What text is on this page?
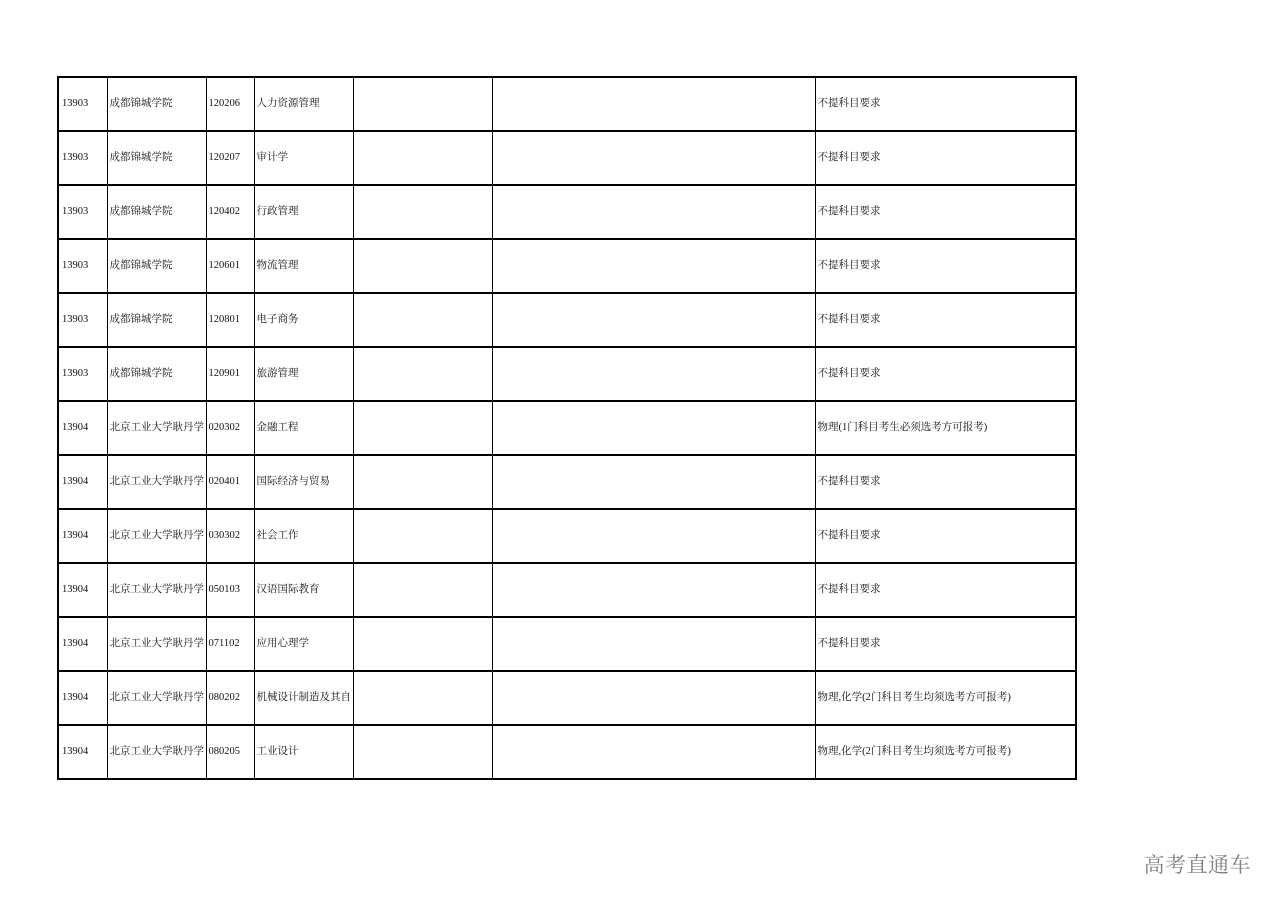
13903	成都锦城学院	120206	人力资源管理			不提科目要求
13903	成都锦城学院	120207	审计学			不提科目要求
13903	成都锦城学院	120402	行政管理			不提科目要求
13903	成都锦城学院	120601	物流管理			不提科目要求
13903	成都锦城学院	120801	电子商务			不提科目要求
13903	成都锦城学院	120901	旅游管理			不提科目要求
13904	北京工业大学耿丹学	020302	金融工程			物理(1门科目考生必须选考方可报考)
13904	北京工业大学耿丹学	020401	国际经济与贸易			不提科目要求
13904	北京工业大学耿丹学	030302	社会工作			不提科目要求
13904	北京工业大学耿丹学	050103	汉语国际教育			不提科目要求
13904	北京工业大学耿丹学	071102	应用心理学			不提科目要求
13904	北京工业大学耿丹学	080202	机械设计制造及其自			物理,化学(2门科目考生均须选考方可报考)
13904	北京工业大学耿丹学	080205	工业设计			物理,化学(2门科目考生均须选考方可报考)
高考直通车
